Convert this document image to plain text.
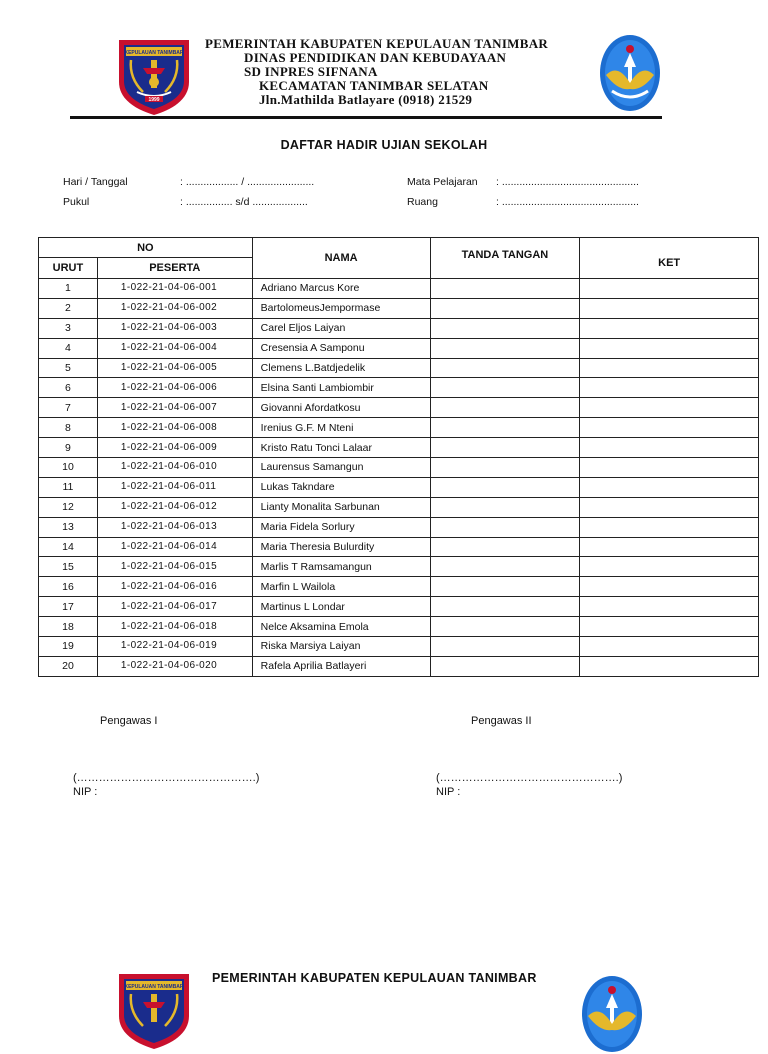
KEPULAUAN TANIMBAR
1999
PEMERINTAH KABUPATEN KEPULAUAN TANIMBAR
DINAS PENDIDIKAN DAN KEBUDAYAAN
SD INPRES SIFNANA
KECAMATAN TANIMBAR SELATAN
Jln.Mathilda Batlayare (0918) 21529
DAFTAR HADIR UJIAN SEKOLAH
Hari / Tanggal	: .................. / .......................
Pukul	: ................ s/d ...................
Mata Pelajaran : ...............................................
Ruang	: ...............................................
NO		NAMA	TANDA TANGAN	KET
URUT	PESERTA			
1	1-022-21-04-06-001	Adriano Marcus Kore		
2	1-022-21-04-06-002	BartolomeusJempormase		
3	1-022-21-04-06-003	Carel Eljos Laiyan		
4	1-022-21-04-06-004	Cresensia A Samponu		
5	1-022-21-04-06-005	Clemens L.Batdjedelik		
6	1-022-21-04-06-006	Elsina Santi Lambiombir		
7	1-022-21-04-06-007	Giovanni Afordatkosu		
8	1-022-21-04-06-008	Irenius G.F. M Nteni		
9	1-022-21-04-06-009	Kristo Ratu Tonci Lalaar		
10	1-022-21-04-06-010	Laurensus Samangun		
11	1-022-21-04-06-011	Lukas Takndare		
12	1-022-21-04-06-012	Lianty Monalita Sarbunan		
13	1-022-21-04-06-013	Maria Fidela Sorlury		
14	1-022-21-04-06-014	Maria Theresia Bulurdity		
15	1-022-21-04-06-015	Marlis T Ramsamangun		
16	1-022-21-04-06-016	Marfin L Wailola		
17	1-022-21-04-06-017	Martinus L Londar		
18	1-022-21-04-06-018	Nelce Aksamina Emola		
19	1-022-21-04-06-019	Riska Marsiya Laiyan		
20	1-022-21-04-06-020	Rafela Aprilia Batlayeri		
Pengawas I	Pengawas II
(………………………………………….)	(………………………………………….)
NIP :	NIP :
KEPULAUAN TANIMBAR
PEMERINTAH KABUPATEN KEPULAUAN TANIMBAR
